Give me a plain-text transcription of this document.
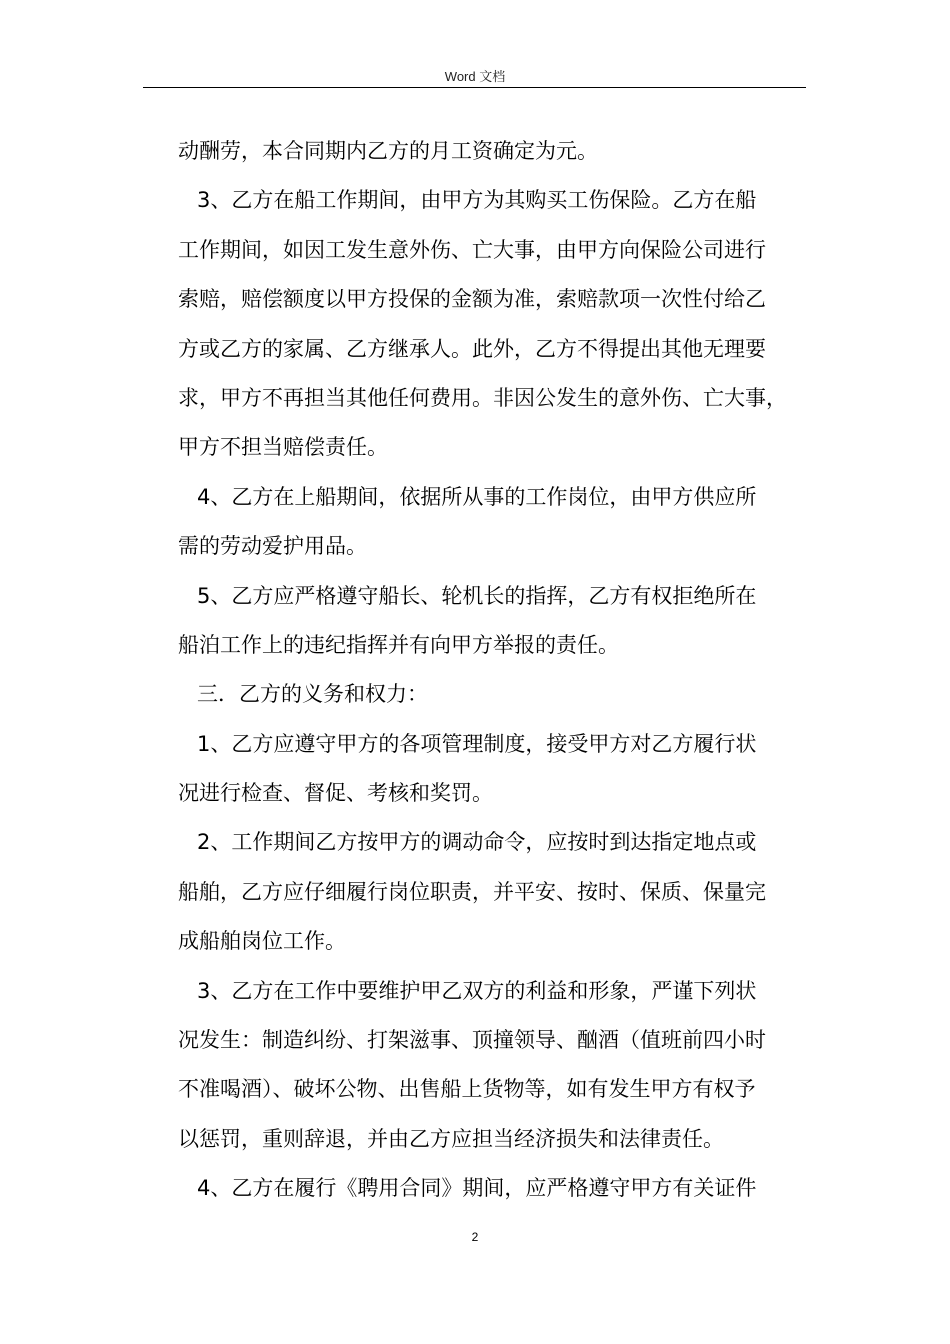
Word 文档
动酬劳，本合同期内乙方的月工资确定为元。
3、乙方在船工作期间，由甲方为其购买工伤保险。乙方在船
工作期间，如因工发生意外伤、亡大事，由甲方向保险公司进行
索赔，赔偿额度以甲方投保的金额为准，索赔款项一次性付给乙
方或乙方的家属、乙方继承人。此外，乙方不得提出其他无理要
求，甲方不再担当其他任何费用。非因公发生的意外伤、亡大事，
甲方不担当赔偿责任。
4、乙方在上船期间，依据所从事的工作岗位，由甲方供应所
需的劳动爱护用品。
5、乙方应严格遵守船长、轮机长的指挥，乙方有权拒绝所在
船泊工作上的违纪指挥并有向甲方举报的责任。
三．乙方的义务和权力：
1、乙方应遵守甲方的各项管理制度，接受甲方对乙方履行状
况进行检查、督促、考核和奖罚。
2、工作期间乙方按甲方的调动命令，应按时到达指定地点或
船舶，乙方应仔细履行岗位职责，并平安、按时、保质、保量完
成船舶岗位工作。
3、乙方在工作中要维护甲乙双方的利益和形象，严谨下列状
况发生：制造纠纷、打架滋事、顶撞领导、酗酒（值班前四小时
不准喝酒）、破坏公物、出售船上货物等，如有发生甲方有权予
以惩罚，重则辞退，并由乙方应担当经济损失和法律责任。
4、乙方在履行《聘用合同》期间，应严格遵守甲方有关证件
2
